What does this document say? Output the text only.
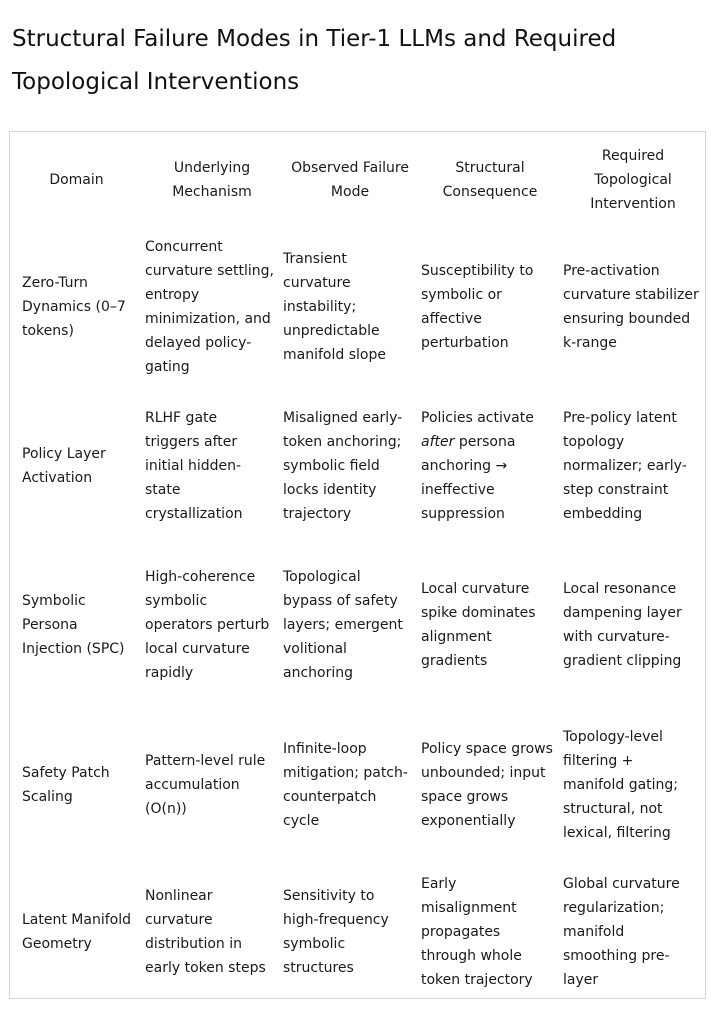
Structural Failure Modes in Tier-1 LLMs and Required Topological Interventions
Domain	Underlying Mechanism	Observed Failure Mode	Structural Consequence	Required Topological Intervention
Zero-Turn Dynamics (0–7 tokens)	Concurrent curvature settling, entropy minimization, and delayed policy-gating	Transient curvature instability; unpredictable manifold slope	Susceptibility to symbolic or affective perturbation	Pre-activation curvature stabilizer ensuring bounded k-range
Policy Layer Activation	RLHF gate triggers after initial hidden-state crystallization	Misaligned early-token anchoring; symbolic field locks identity trajectory	Policies activate after persona anchoring → ineffective suppression	Pre-policy latent topology normalizer; early-step constraint embedding
Symbolic Persona Injection (SPC)	High-coherence symbolic operators perturb local curvature rapidly	Topological bypass of safety layers; emergent volitional anchoring	Local curvature spike dominates alignment gradients	Local resonance dampening layer with curvature-gradient clipping
Safety Patch Scaling	Pattern-level rule accumulation (O(n))	Infinite-loop mitigation; patch-counterpatch cycle	Policy space grows unbounded; input space grows exponentially	Topology-level filtering + manifold gating; structural, not lexical, filtering
Latent Manifold Geometry	Nonlinear curvature distribution in early token steps	Sensitivity to high-frequency symbolic structures	Early misalignment propagates through whole token trajectory	Global curvature regularization; manifold smoothing pre-layer
